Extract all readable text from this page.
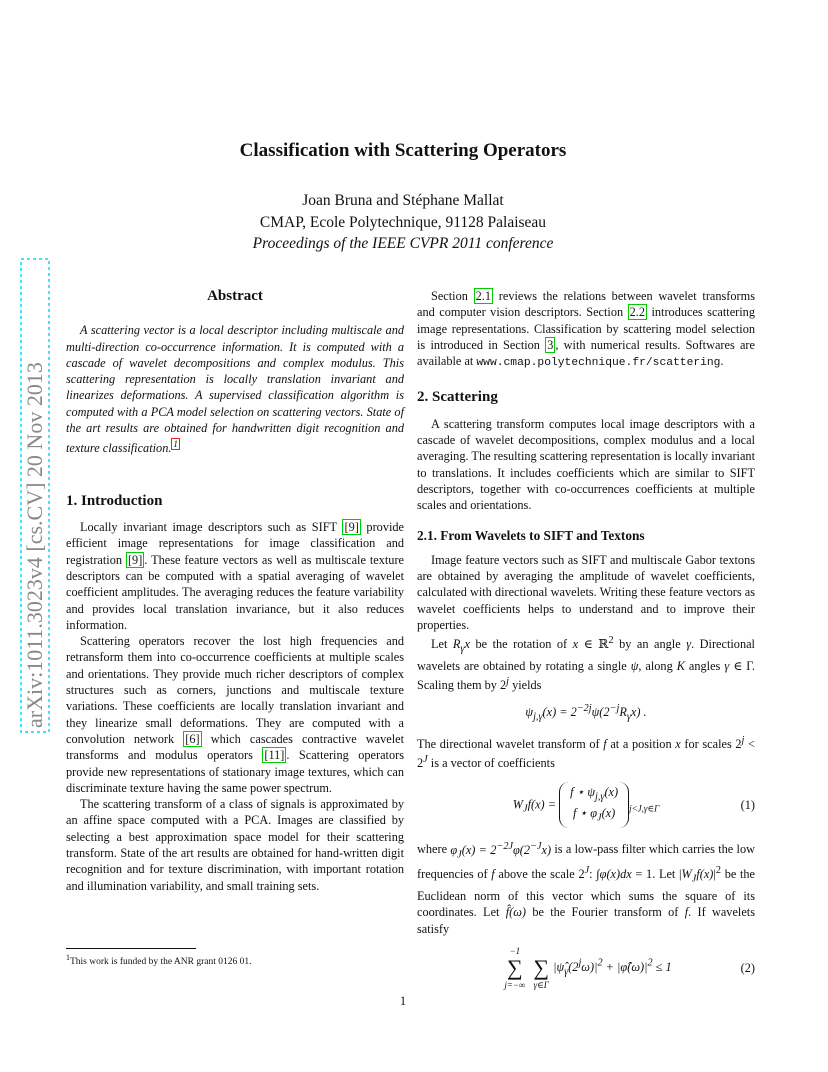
arXiv:1011.3023v4 [cs.CV] 20 Nov 2013
Classification with Scattering Operators
Joan Bruna and Stéphane Mallat
CMAP, Ecole Polytechnique, 91128 Palaiseau
Proceedings of the IEEE CVPR 2011 conference
Abstract

A scattering vector is a local descriptor including multiscale and multi-direction co-occurrence information. It is computed with a cascade of wavelet decompositions and complex modulus. This scattering representation is locally translation invariant and linearizes deformations. A supervised classification algorithm is computed with a PCA model selection on scattering vectors. State of the art results are obtained for handwritten digit recognition and texture classification. $^1$

1. Introduction

Locally invariant image descriptors such as SIFT [9] provide efficient image representations for image classification and registration [9] . These feature vectors as well as multiscale texture descriptors can be computed with a spatial averaging of wavelet coefficient amplitudes. The averaging reduces the feature variability and provides local translation invariance, but it also reduces information.

Scattering operators recover the lost high frequencies and retransform them into co-occurrence coefficients at multiple scales and orientations. They provide much richer descriptors of complex structures such as corners, junctions and multiscale texture variations. These coefficients are locally translation invariant and they linearize small deformations. They are computed with a convolution network [6] which cascades contractive wavelet transforms and modulus operators [11] . Scattering operators provide new representations of stationary image textures, which can discriminate texture having the same power spectrum.

The scattering transform of a class of signals is approximated by an affine space computed with a PCA. Images are classified by selecting a best approximation space model for their scattering transform. State of the art results are obtained for hand-written digit recognition and for texture discrimination, with important rotation and illumination variability, and small training sets.

$^1$This work is funded by the ANR grant 0126 01.

Section 2.1 reviews the relations between wavelet transforms and computer vision descriptors. Section 2.2 introduces scattering image representations. Classification by scattering model selection is introduced in Section 3 , with numerical results. Softwares are available at www.cmap.polytechnique.fr/scattering.

2. Scattering

A scattering transform computes local image descriptors with a cascade of wavelet decompositions, complex modulus and a local averaging. The resulting scattering representation is locally invariant to translations. It includes coefficients which are similar to SIFT descriptors, together with co-occurrences coefficients at multiple scales and orientations.

2.1. From Wavelets to SIFT and Textons

Image feature vectors such as SIFT and multiscale Gabor textons are obtained by averaging the amplitude of wavelet coefficients, calculated with directional wavelets. Writing these feature vectors as wavelet coefficients helps to understand and to improve their properties.

Let $R_\gamma x$ be the rotation of x ∈ ℝ$^2$ by an angle γ. Directional wavelets are obtained by rotating a single ψ, along K angles γ ∈ Γ. Scaling them by 2$^j$ yields

$\psi_{j,\gamma}(x) = 2^{-2j}\psi(2^{-j}R_\gamma x)$ .

The directional wavelet transform of f at a position x for scales $2^j < 2^J$ is a vector of coefficients

$W_Jf(x) = f$ ⋆ $\psi_{j,\gamma}(x)$
f ⋆ $\varphi_J(x)$ $_{j<J,\gamma\in\Gamma}$	(1)

where $\varphi_J(x) = 2^{-2J}\varphi(2^{-J}x)$ is a low-pass filter which carries the low frequencies of f above the scale $2^J$: ∫φ(x)dx = 1. Let $|W_Jf(x)|^2$ be the Euclidean norm of this vector which sums the square of its coordinates. Let f̂(ω) be the Fourier transform of f. If wavelets satisfy

−1
∑
j=−∞
∑
$\gamma\in\Gamma|\psî_\gamma(2^j\omega)|^2$ + $|\varphî(\omega)|^2 \le 1$	(2)
1
